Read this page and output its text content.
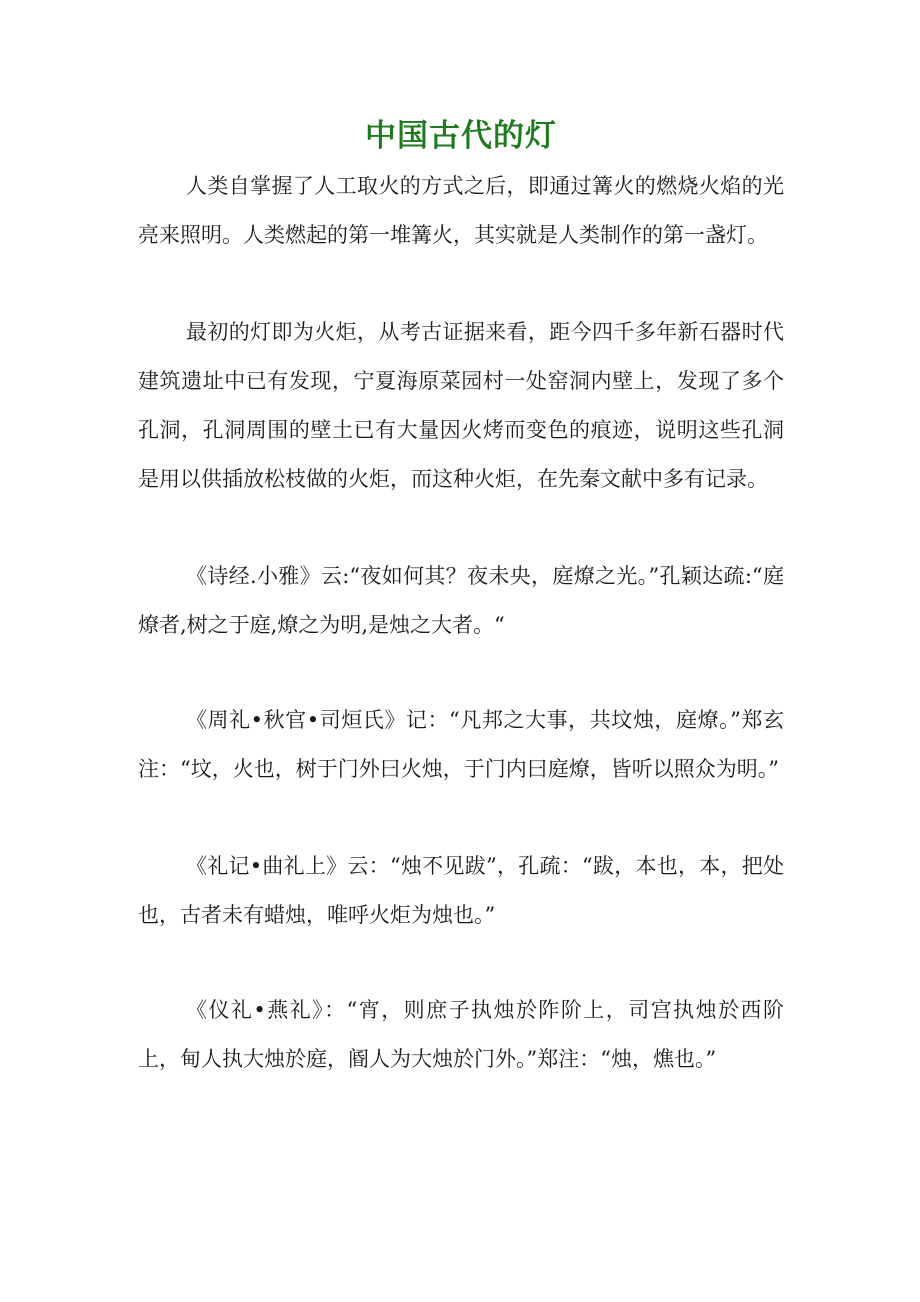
中国古代的灯

人类自掌握了人工取火的方式之后，即通过篝火的燃烧火焰的光亮来照明。人类燃起的第一堆篝火，其实就是人类制作的第一盏灯。

最初的灯即为火炬，从考古证据来看，距今四千多年新石器时代建筑遗址中已有发现，宁夏海原菜园村一处窑洞内壁上，发现了多个孔洞，孔洞周围的壁土已有大量因火烤而变色的痕迹，说明这些孔洞是用以供插放松枝做的火炬，而这种火炬，在先秦文献中多有记录。

《诗经.小雅》云:“夜如何其？夜未央，庭燎之光。”孔颖达疏:“庭燎者,树之于庭,燎之为明,是烛之大者。“

《周礼•秋官•司烜氏》记：“凡邦之大事，共坟烛，庭燎。”郑玄注：“坟，火也，树于门外曰火烛，于门内曰庭燎，皆听以照众为明。”

《礼记•曲礼上》云：“烛不见跋”，孔疏：“跋，本也，本，把处也，古者未有蜡烛，唯呼火炬为烛也。”

《仪礼•燕礼》：“宵，则庶子执烛於阼阶上，司宫执烛於西阶上，甸人执大烛於庭，阍人为大烛於门外。”郑注：“烛，燋也。”
